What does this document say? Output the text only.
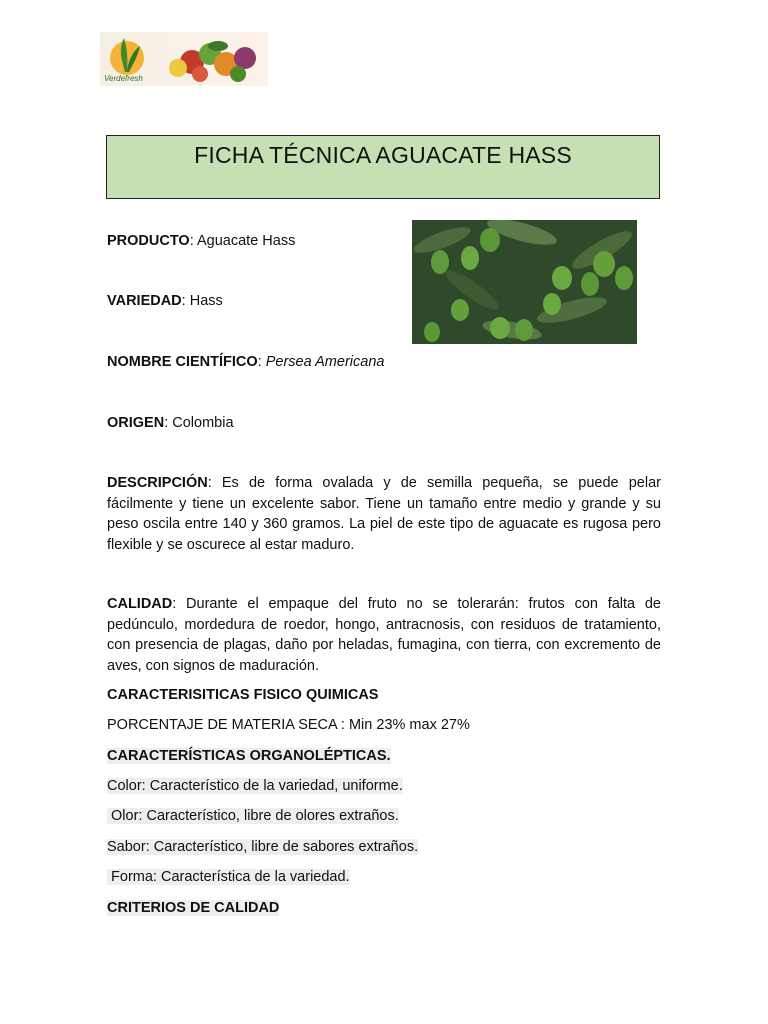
Verdefresh
FICHA TÉCNICA AGUACATE HASS
PRODUCTO: Aguacate Hass
VARIEDAD: Hass
NOMBRE CIENTÍFICO: Persea Americana
ORIGEN: Colombia
DESCRIPCIÓN: Es de forma ovalada y de semilla pequeña, se puede pelar fácilmente y tiene un excelente sabor. Tiene un tamaño entre medio y grande y su peso oscila entre 140 y 360 gramos. La piel de este tipo de aguacate es rugosa pero flexible y se oscurece al estar maduro.
CALIDAD: Durante el empaque del fruto no se tolerarán: frutos con falta de pedúnculo, mordedura de roedor, hongo, antracnosis, con residuos de tratamiento, con presencia de plagas, daño por heladas, fumagina, con tierra, con excremento de aves, con signos de maduración.
CARACTERISITICAS FISICO QUIMICAS
PORCENTAJE DE MATERIA SECA : Min 23% max 27%
CARACTERÍSTICAS ORGANOLÉPTICAS.
Color: Característico de la variedad, uniforme.
Olor: Característico, libre de olores extraños.
Sabor: Característico, libre de sabores extraños.
Forma: Característica de la variedad.
CRITERIOS DE CALIDAD
